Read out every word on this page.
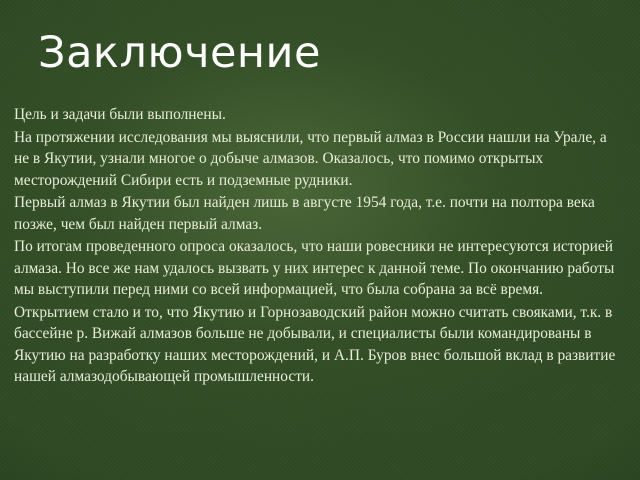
Заключение

Цель и задачи были выполнены.

На протяжении исследования мы выяснили, что первый алмаз в России нашли на Урале, а не в Якутии, узнали многое о добыче алмазов. Оказалось, что помимо открытых месторождений Сибири есть и подземные рудники.

Первый алмаз в Якутии был найден лишь в августе 1954 года, т.е. почти на полтора века позже, чем был найден первый алмаз.

По итогам проведенного опроса оказалось, что наши ровесники не интересуются историей алмаза. Но все же нам удалось вызвать у них интерес к данной теме. По окончанию работы мы выступили перед ними со всей информацией, что была собрана за всё время.

Открытием стало и то, что Якутию и Горнозаводский район можно считать свояками, т.к. в бассейне р. Вижай алмазов больше не добывали, и специалисты были командированы в Якутию на разработку наших месторождений, и А.П. Буров внес большой вклад в развитие нашей алмазодобывающей промышленности.
